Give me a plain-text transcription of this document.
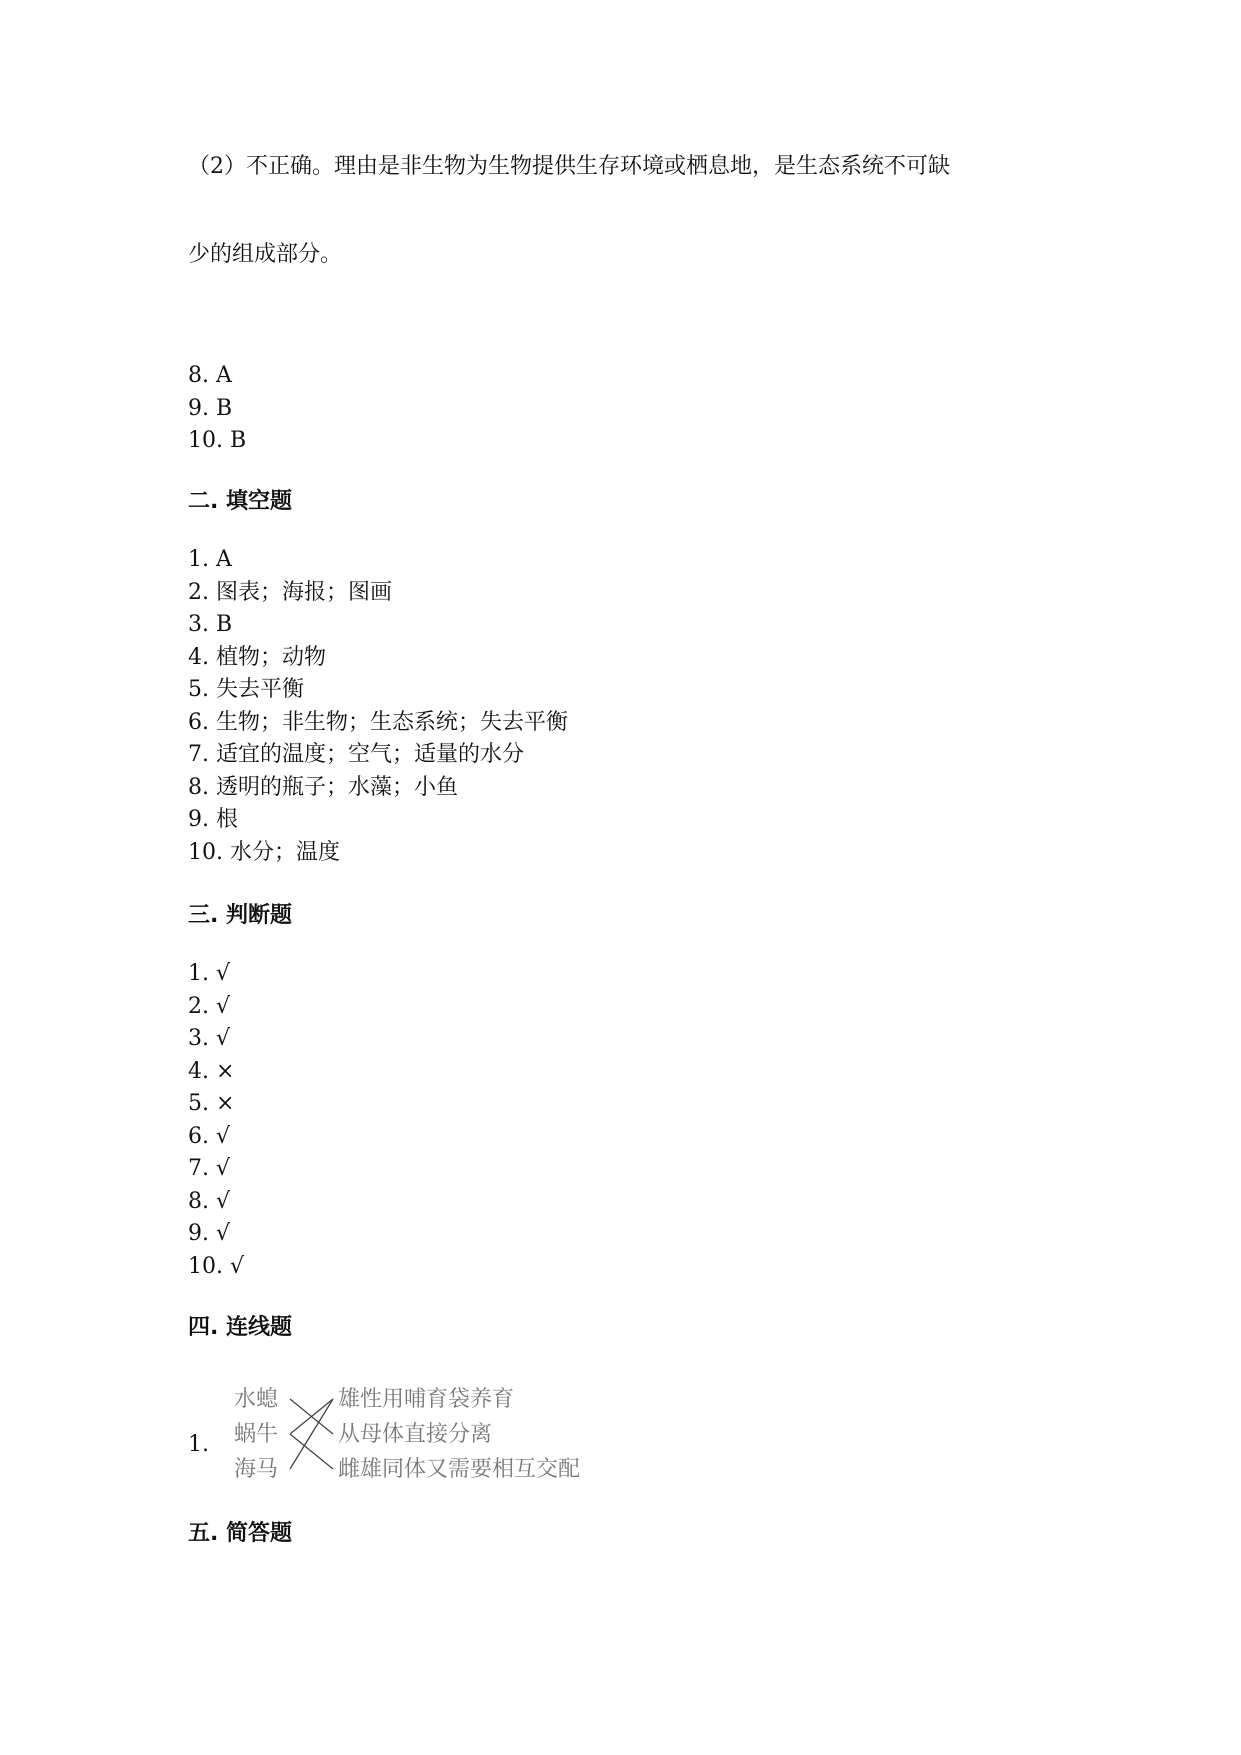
（2）不正确。理由是非生物为生物提供生存环境或栖息地，是生态系统不可缺
少的组成部分。
8. A
9. B
10. B
二. 填空题
1. A
2. 图表；海报；图画
3. B
4. 植物；动物
5. 失去平衡
6. 生物；非生物；生态系统；失去平衡
7. 适宜的温度；空气；适量的水分
8. 透明的瓶子；水藻；小鱼
9. 根
10. 水分；温度
三. 判断题
1. √
2. √
3. √
4. ×
5. ×
6. √
7. √
8. √
9. √
10. √
四. 连线题
1.
水螅
蜗牛
海马
雄性用哺育袋养育
从母体直接分离
雌雄同体又需要相互交配
五. 简答题
